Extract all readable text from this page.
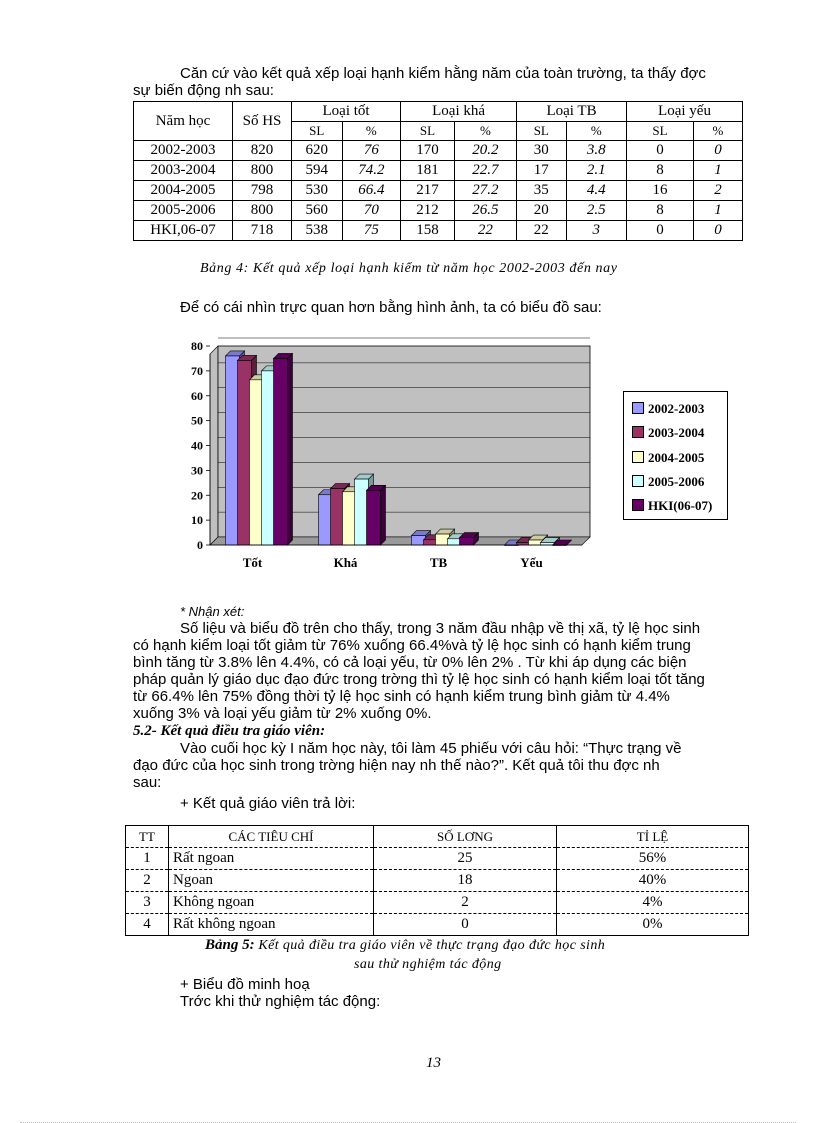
Căn cứ vào kết quả xếp loại hạnh kiểm hằng năm của toàn trường, ta thấy đợc
sự biến động nh sau:
Năm học	Số HS	Loại tốt		Loại khá		Loại TB		Loại yếu	
		SL	%	SL	%	SL	%	SL	%
2002-2003	820	620	76	170	20.2	30	3.8	0	0
2003-2004	800	594	74.2	181	22.7	17	2.1	8	1
2004-2005	798	530	66.4	217	27.2	35	4.4	16	2
2005-2006	800	560	70	212	26.5	20	2.5	8	1
HKI,06-07	718	538	75	158	22	22	3	0	0
Bảng 4: Kết quả xếp loại hạnh kiểm từ năm học 2002-2003 đến nay
Để có cái nhìn trực quan hơn bằng hình ảnh, ta có biểu đồ sau:
0
10
20
30
40
50
60
70
80
Tốt	Khá	TB	Yếu
2002-2003
2003-2004
2004-2005
2005-2006
HKI(06-07)
* Nhận xét:
Số liệu và biểu đồ trên cho thấy, trong 3 năm đầu nhập về thị xã, tỷ lệ học sinh
có hạnh kiểm loại tốt giảm từ 76% xuống 66.4%và tỷ lệ học sinh có hạnh kiểm trung
bình tăng từ 3.8% lên 4.4%, có cả loại yếu, từ 0% lên 2% . Từ khi áp dụng các biện
pháp quản lý giáo dục đạo đức trong trờng thì tỷ lệ học sinh có hạnh kiểm loại tốt tăng
từ 66.4% lên 75% đồng thời tỷ lệ học sinh có hạnh kiểm trung bình giảm từ 4.4%
xuống 3% và loại yếu giảm từ 2% xuống 0%.
5.2- Kết quả điều tra giáo viên:
Vào cuối học kỳ I năm học này, tôi làm 45 phiếu với câu hỏi: “Thực trạng về
đạo đức của học sinh trong trờng hiện nay nh thế nào?”. Kết quả tôi thu đợc nh
sau:
+ Kết quả giáo viên trả lời:
TT	CÁC TIÊU CHÍ	SỐ LƠNG	TỈ LỆ
1	Rất ngoan	25	56%
2	Ngoan	18	40%
3	Không ngoan	2	4%
4	Rất không ngoan	0	0%
Bảng 5: Kết quả điều tra giáo viên về thực trạng đạo đức học sinh
sau thử nghiệm tác động
+ Biểu đồ minh hoạ
Trớc khi thử nghiệm tác động:
13
